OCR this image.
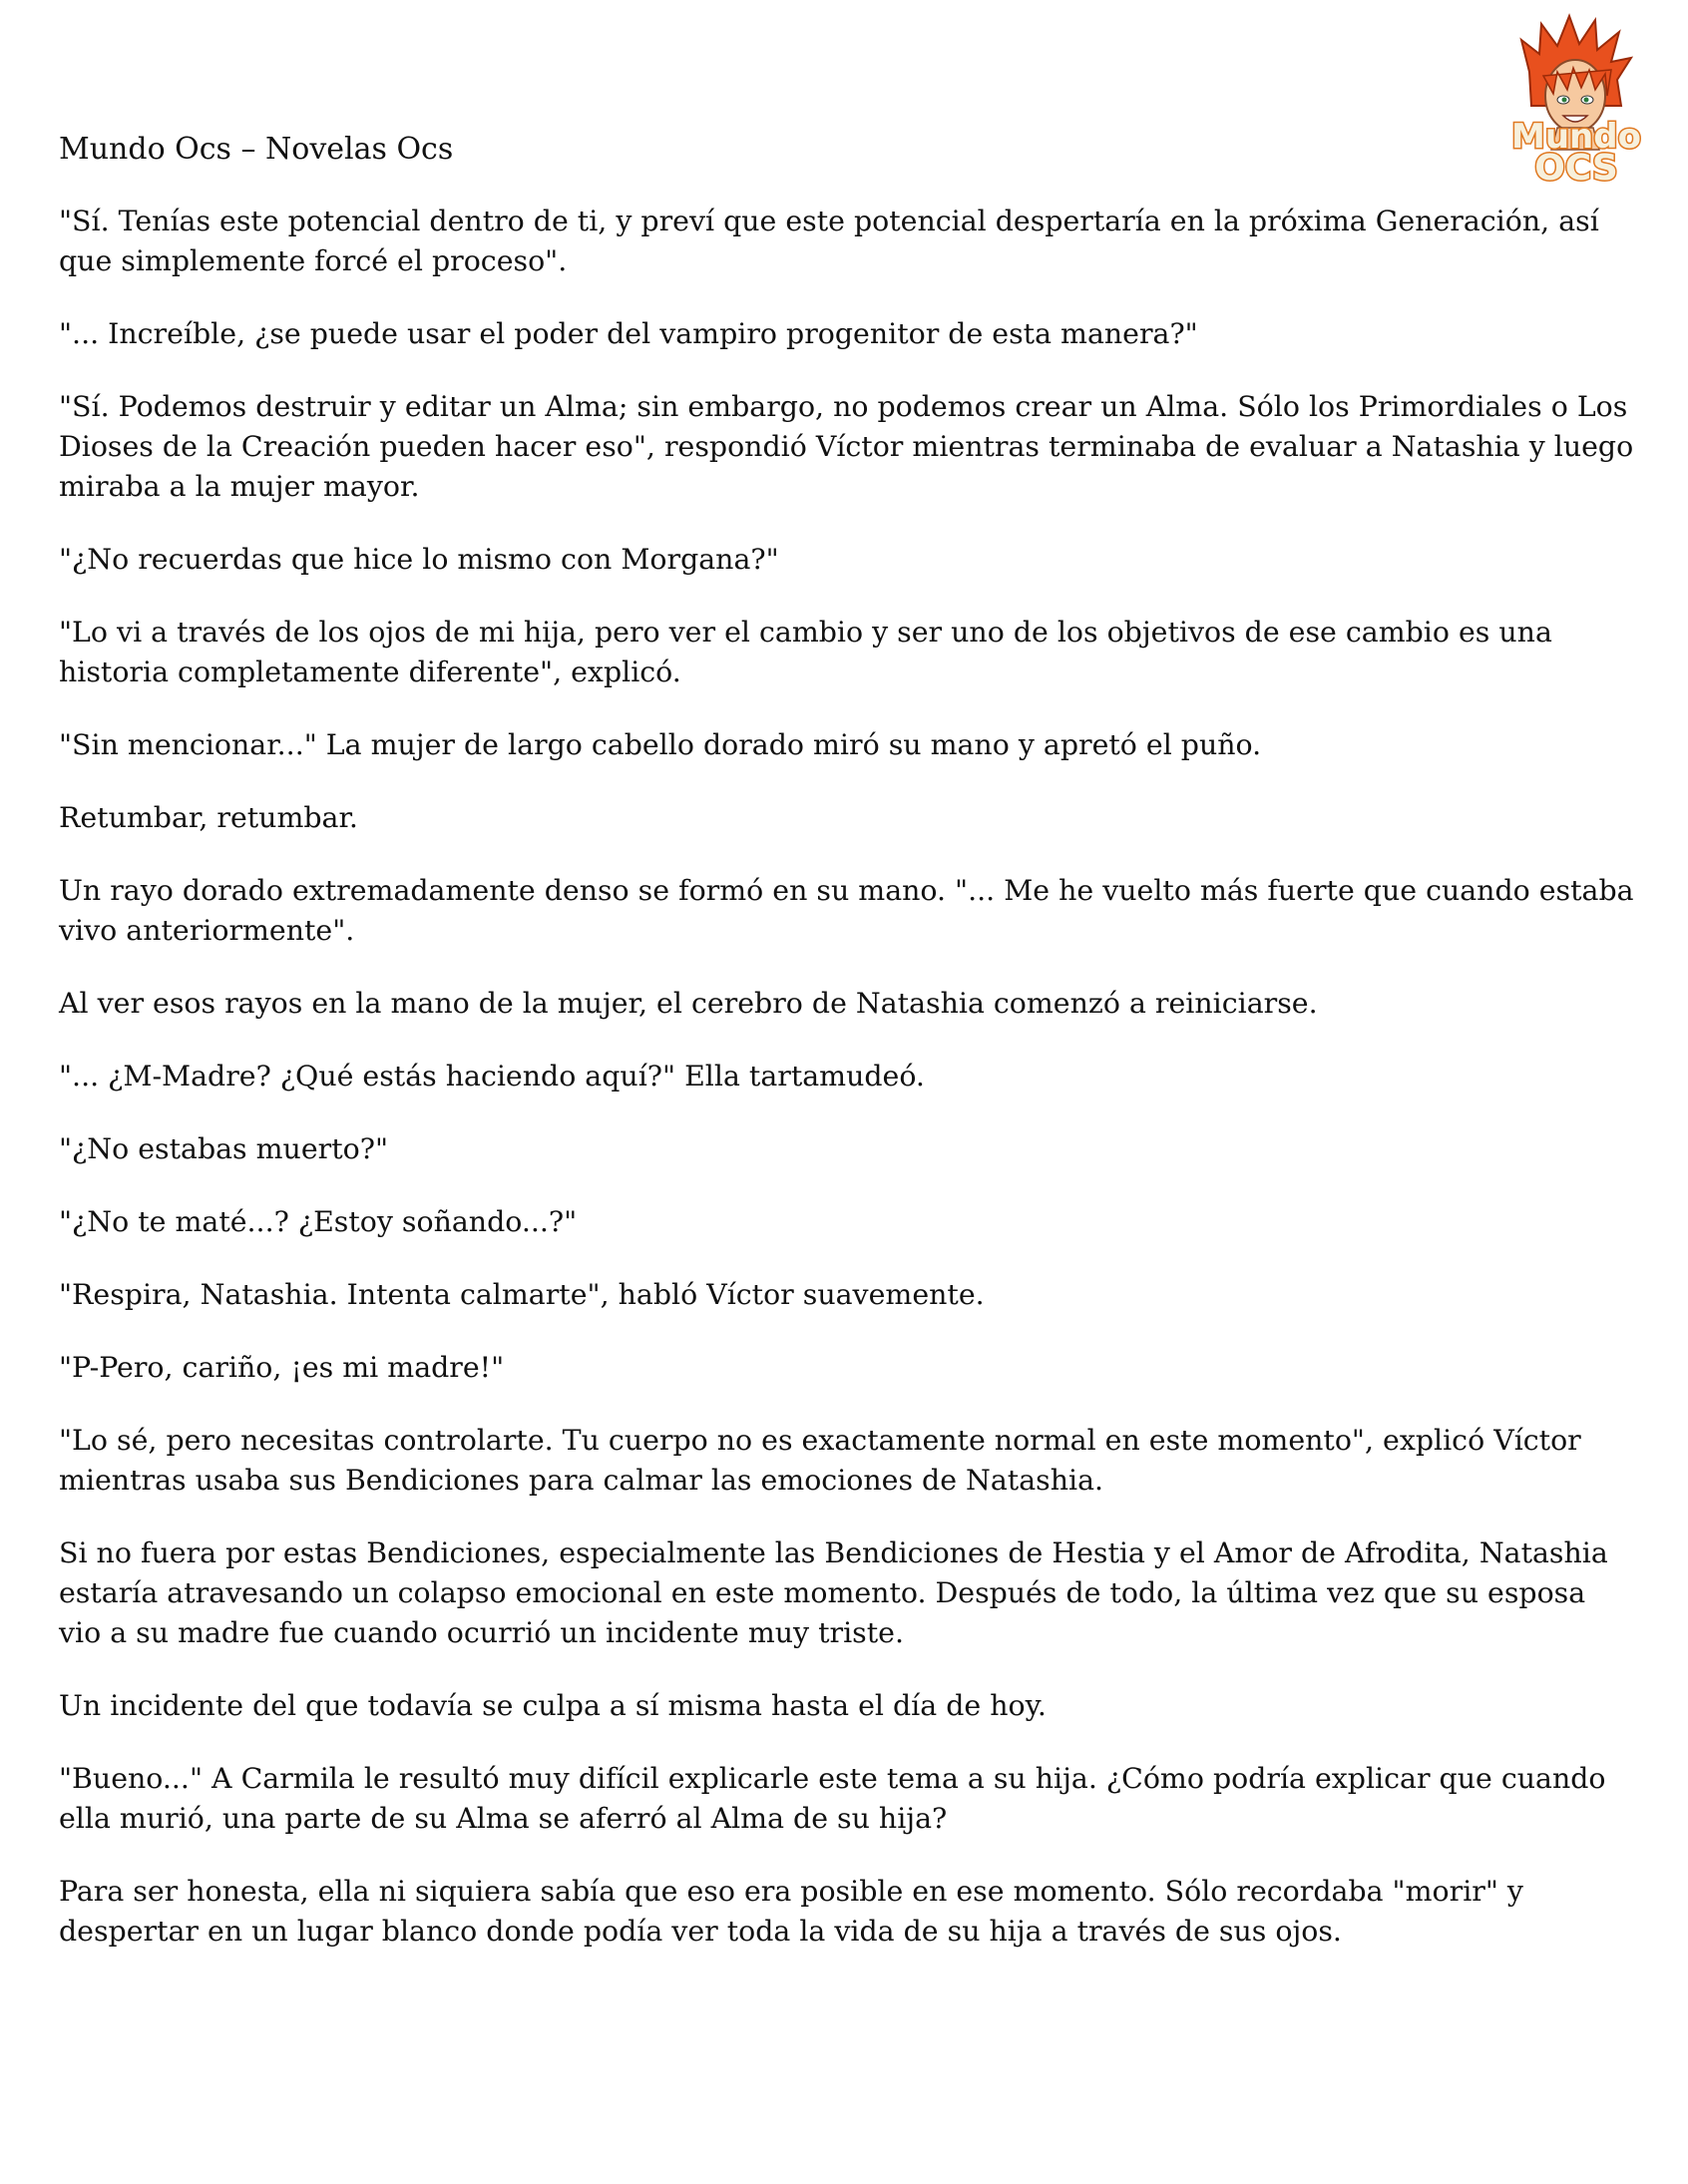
Mundo Ocs – Novelas Ocs	Mundo
OCS

"Sí. Tenías este potencial dentro de ti, y preví que este potencial despertaría en la próxima Generación, así que simplemente forcé el proceso".

"... Increíble, ¿se puede usar el poder del vampiro progenitor de esta manera?"

"Sí. Podemos destruir y editar un Alma; sin embargo, no podemos crear un Alma. Sólo los Primordiales o Los Dioses de la Creación pueden hacer eso", respondió Víctor mientras terminaba de evaluar a Natashia y luego miraba a la mujer mayor.

"¿No recuerdas que hice lo mismo con Morgana?"

"Lo vi a través de los ojos de mi hija, pero ver el cambio y ser uno de los objetivos de ese cambio es una historia completamente diferente", explicó.

"Sin mencionar..." La mujer de largo cabello dorado miró su mano y apretó el puño.

Retumbar, retumbar.

Un rayo dorado extremadamente denso se formó en su mano. "... Me he vuelto más fuerte que cuando estaba vivo anteriormente".

Al ver esos rayos en la mano de la mujer, el cerebro de Natashia comenzó a reiniciarse.

"... ¿M-Madre? ¿Qué estás haciendo aquí?" Ella tartamudeó.

"¿No estabas muerto?"

"¿No te maté...? ¿Estoy soñando...?"

"Respira, Natashia. Intenta calmarte", habló Víctor suavemente.

"P-Pero, cariño, ¡es mi madre!"

"Lo sé, pero necesitas controlarte. Tu cuerpo no es exactamente normal en este momento", explicó Víctor mientras usaba sus Bendiciones para calmar las emociones de Natashia.

Si no fuera por estas Bendiciones, especialmente las Bendiciones de Hestia y el Amor de Afrodita, Natashia estaría atravesando un colapso emocional en este momento. Después de todo, la última vez que su esposa vio a su madre fue cuando ocurrió un incidente muy triste.

Un incidente del que todavía se culpa a sí misma hasta el día de hoy.

"Bueno..." A Carmila le resultó muy difícil explicarle este tema a su hija. ¿Cómo podría explicar que cuando ella murió, una parte de su Alma se aferró al Alma de su hija?

Para ser honesta, ella ni siquiera sabía que eso era posible en ese momento. Sólo recordaba "morir" y despertar en un lugar blanco donde podía ver toda la vida de su hija a través de sus ojos.
